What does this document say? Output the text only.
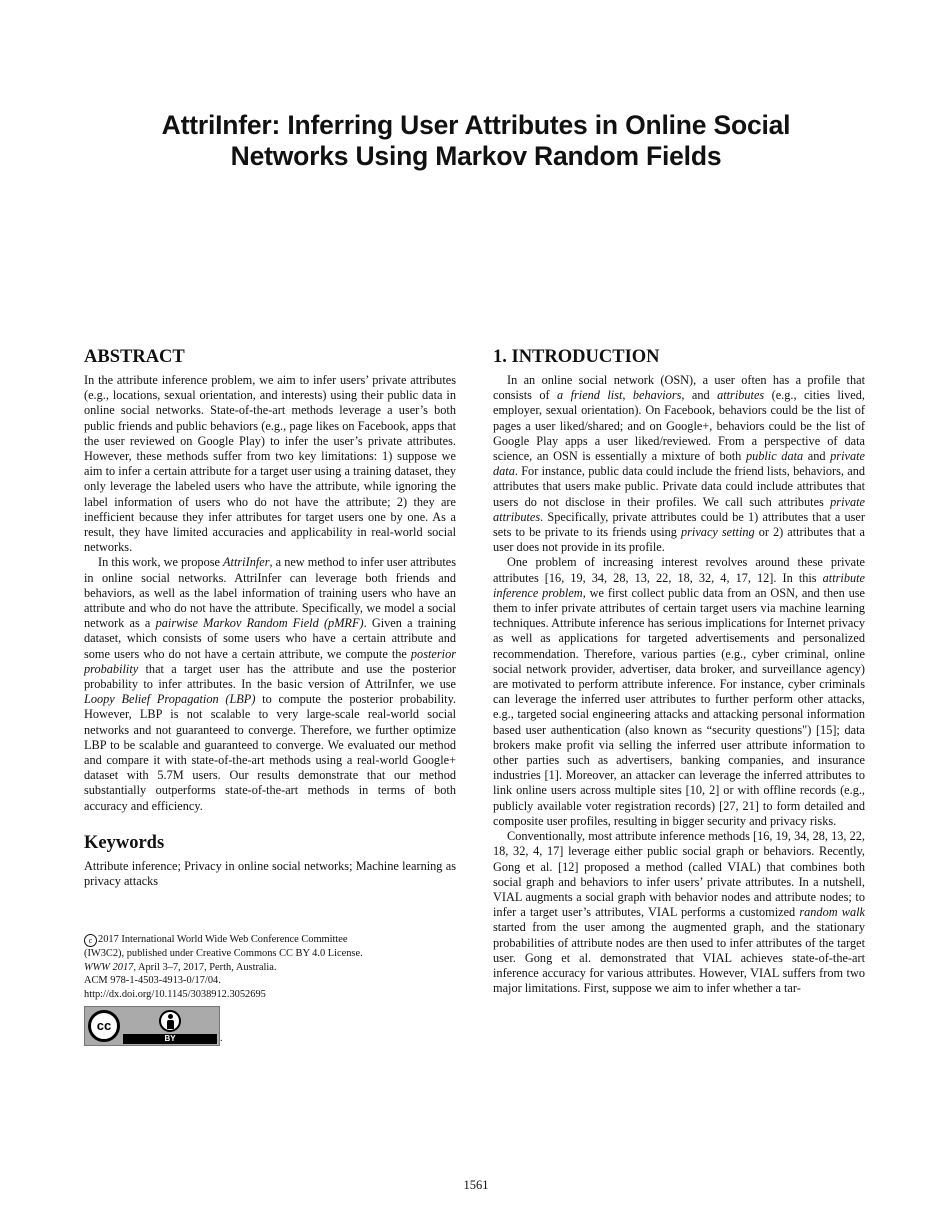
AttriInfer: Inferring User Attributes in Online Social
Networks Using Markov Random Fields
ABSTRACT

In the attribute inference problem, we aim to infer users’ private attributes (e.g., locations, sexual orientation, and interests) using their public data in online social networks. State-of-the-art methods leverage a user’s both public friends and public behaviors (e.g., page likes on Facebook, apps that the user reviewed on Google Play) to infer the user’s private attributes. However, these methods suffer from two key limitations: 1) suppose we aim to infer a certain attribute for a target user using a training dataset, they only leverage the labeled users who have the attribute, while ignoring the label information of users who do not have the attribute; 2) they are inefficient because they infer attributes for target users one by one. As a result, they have limited accuracies and applicability in real-world social networks.

In this work, we propose AttriInfer, a new method to infer user attributes in online social networks. AttriInfer can leverage both friends and behaviors, as well as the label information of training users who have an attribute and who do not have the attribute. Specifically, we model a social network as a pairwise Markov Random Field (pMRF). Given a training dataset, which consists of some users who have a certain attribute and some users who do not have a certain attribute, we compute the posterior probability that a target user has the attribute and use the posterior probability to infer attributes. In the basic version of AttriInfer, we use Loopy Belief Propagation (LBP) to compute the posterior probability. However, LBP is not scalable to very large-scale real-world social networks and not guaranteed to converge. Therefore, we further optimize LBP to be scalable and guaranteed to converge. We evaluated our method and compare it with state-of-the-art methods using a real-world Google+ dataset with 5.7M users. Our results demonstrate that our method substantially outperforms state-of-the-art methods in terms of both accuracy and efficiency.

Keywords

Attribute inference; Privacy in online social networks; Machine learning as privacy attacks

c 2017 International World Wide Web Conference Committee
(IW3C2), published under Creative Commons CC BY 4.0 License.
WWW 2017, April 3–7, 2017, Perth, Australia.
ACM 978-1-4503-4913-0/17/04.
http://dx.doi.org/10.1145/3038912.3052695
cc
BY	.
1. INTRODUCTION

In an online social network (OSN), a user often has a profile that consists of a friend list, behaviors, and attributes (e.g., cities lived, employer, sexual orientation). On Facebook, behaviors could be the list of pages a user liked/shared; and on Google+, behaviors could be the list of Google Play apps a user liked/reviewed. From a perspective of data science, an OSN is essentially a mixture of both public data and private data. For instance, public data could include the friend lists, behaviors, and attributes that users make public. Private data could include attributes that users do not disclose in their profiles. We call such attributes private attributes. Specifically, private attributes could be 1) attributes that a user sets to be private to its friends using privacy setting or 2) attributes that a user does not provide in its profile.

One problem of increasing interest revolves around these private attributes [16, 19, 34, 28, 13, 22, 18, 32, 4, 17, 12]. In this attribute inference problem, we first collect public data from an OSN, and then use them to infer private attributes of certain target users via machine learning techniques. Attribute inference has serious implications for Internet privacy as well as applications for targeted advertisements and personalized recommendation. Therefore, various parties (e.g., cyber criminal, online social network provider, advertiser, data broker, and surveillance agency) are motivated to perform attribute inference. For instance, cyber criminals can leverage the inferred user attributes to further perform other attacks, e.g., targeted social engineering attacks and attacking personal information based user authentication (also known as “security questions") [15]; data brokers make profit via selling the inferred user attribute information to other parties such as advertisers, banking companies, and insurance industries [1]. Moreover, an attacker can leverage the inferred attributes to link online users across multiple sites [10, 2] or with offline records (e.g., publicly available voter registration records) [27, 21] to form detailed and composite user profiles, resulting in bigger security and privacy risks.

Conventionally, most attribute inference methods [16, 19, 34, 28, 13, 22, 18, 32, 4, 17] leverage either public social graph or behaviors. Recently, Gong et al. [12] proposed a method (called VIAL) that combines both social graph and behaviors to infer users’ private attributes. In a nutshell, VIAL augments a social graph with behavior nodes and attribute nodes; to infer a target user’s attributes, VIAL performs a customized random walk started from the user among the augmented graph, and the stationary probabilities of attribute nodes are then used to infer attributes of the target user. Gong et al. demonstrated that VIAL achieves state-of-the-art inference accuracy for various attributes. However, VIAL suffers from two major limitations. First, suppose we aim to infer whether a tar-

1561
